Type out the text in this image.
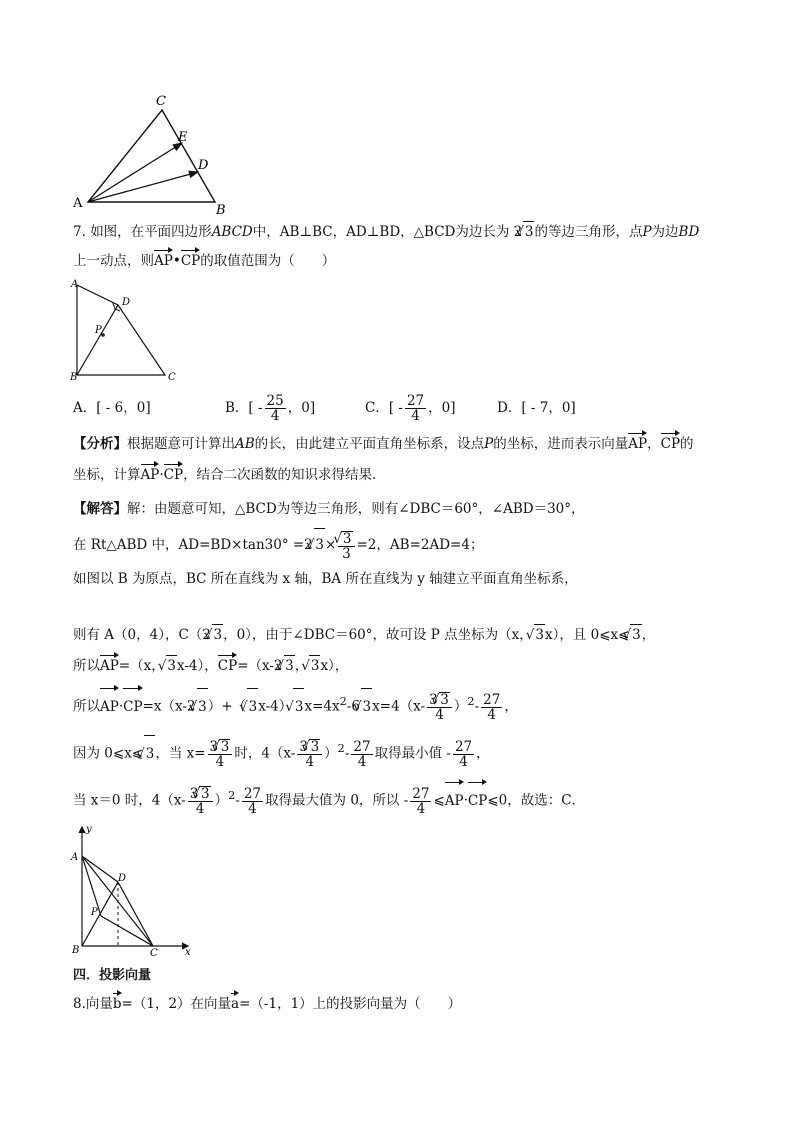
C
E
D
A	B
7. 如图，在平面四边形ABCD中，AB⊥BC，AD⊥BD，△BCD为边长为 2√ 3的等边三角形，点P为边BD
上一动点，则AP•CP的取值范围为（　　）
A
D
P
B	C
A．[ - 6，0]	B．[ - $\frac{25}{4}$ ，0]	C．[ - $\frac{27}{4}$ ，0]	D．[ - 7，0]
【分析】根据题意可计算出AB的长，由此建立平面直角坐标系，设点P的坐标，进而表示向量AP，CP的
坐标，计算AP·CP，结合二次函数的知识求得结果．
【解答】解：由题意可知，△BCD为等边三角形，则有∠DBC＝60°，∠ABD＝30°，
在 Rt△ABD 中，AD=BD×tan30° =2√ 3×
√ $\frac{3}{3} =2$，AB=2AD=4；
如图以 B 为原点，BC 所在直线为 x 轴，BA 所在直线为 y 轴建立平面直角坐标系，
则有 A（0，4），C（2√ 3，0），由于∠DBC＝60°，故可设 P 点坐标为（x，√ 3x），且 0⩽x⩽√ 3，
所以AP=（x，√ 3x-4），CP=（x-2√ 3，√ 3x），
所以AP·CP=x（x-2√ 3）+（√ 3x-4）√ $3x=4x^2-6√$ $3x=4(x- \frac{3√ 3}{4} )^2- \frac{27}{4}$ ，
因为 0⩽x⩽√ 3，当 $x= \frac{3√ 3}{4}$ 时，$4(x- \frac{3√ 3}{4} )^2- \frac{27}{4}$ 取得最小值 - $\frac{27}{4}$ ，
当 x＝0 时，$4(x- \frac{3√ 3}{4} )^2- \frac{27}{4}$ 取得最大值为 0，所以 - $\frac{27}{4}$ ⩽AP·CP⩽0，故选：C．
y
A
D
P
B	C	x
四．投影向量
8.向量b=（1，2）在向量a=（-1，1）上的投影向量为（　　）
